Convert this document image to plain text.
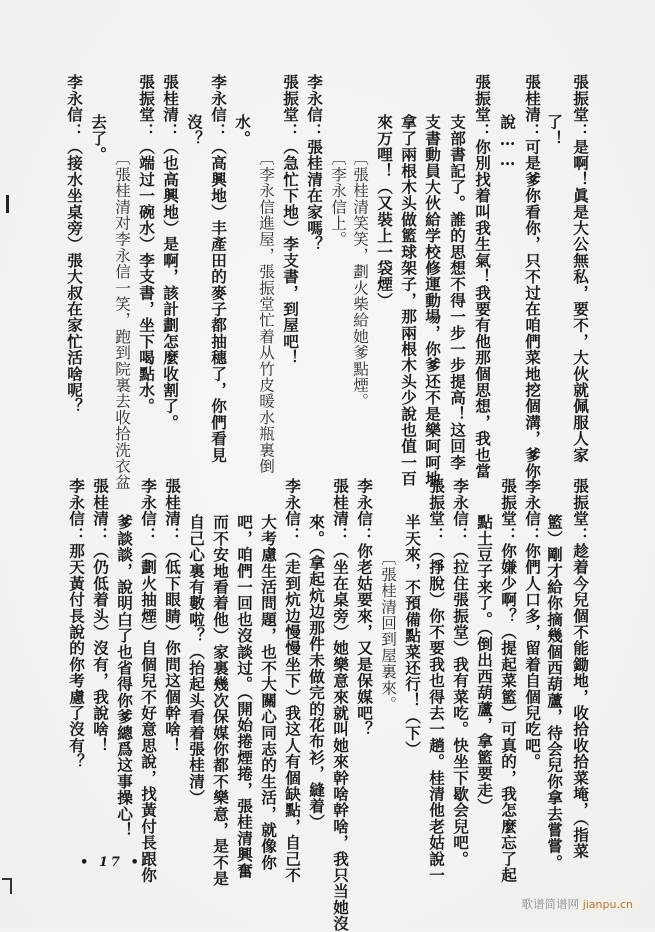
張振堂：是啊！眞是大公無私，要不，大伙就佩服人家
了！
張桂清：可是爹你看你，只不过在咱們菜地挖個溝，爹你
說……
張振堂：你別找着叫我生氣！我要有他那個思想，我也當
支部書記了。誰的思想不得一步一步提高！这回李
支書動員大伙給学校修運動場，你爹还不是樂呵呵地
拿了兩根木头做籃球架子，那兩根木头少說也值一百
來万哩！（又裝上一袋煙）
〔張桂清笑笑，劃火柴給她爹點煙。
〔李永信上。
李永信：張桂清在家嗎？
張振堂：（急忙下地）李支書，到屋吧！
〔李永信進屋，張振堂忙着从竹皮暖水瓶裏倒
水。
李永信：（高興地）丰產田的麥子都抽穗了，你們看見
沒？
張桂清：（也高興地）是啊，該計劃怎麼收割了。
張振堂：（端过一碗水）李支書，坐下喝點水。
〔張桂清对李永信一笑，跑到院裏去收拾洗衣盆
去了。
李永信：（接水坐桌旁）張大叔在家忙活啥呢？
張振堂：趁着今兒個不能鋤地，收拾收拾菜埯，（指菜
籃）剛才給你摘幾個西葫蘆，待会兒你拿去嘗嘗。
李永信：你們人口多，留着自個兒吃吧。
張振堂：你嫌少啊？（提起菜籃）可真的，我怎麼忘了起
點土豆子来了。（倒出西葫蘆，拿籃要走）
李永信：（拉住張振堂）我有菜吃。快坐下歇会兒吧。
張振堂：（掙脫）你不要我也得去一趟。桂清他老姑說一
半天來，不預備點菜还行！（下）
〔張桂清回到屋裏來。
李永信：你老姑要來，又是保媒吧？
張桂清：（坐在桌旁）她樂意來就叫她來幹啥幹啥，我只当她沒
來。（拿起炕边那件未做完的花布衫，縫着）
李永信：（走到炕边慢慢坐下）我这人有個缺點，自己不
大考慮生活問題，也不大關心同志的生活，就像你
吧，咱們一回也沒談过。（開始捲煙捲，張桂清興奮
而不安地看着他）家裏幾次保媒你都不樂意，是不是
自己心裏有數啦？（抬起头看着張桂清）
張桂清：（低下眼睛）你問这個幹啥！
李永信：（劃火抽煙）自個兒不好意思說，找黃付長跟你
爹談談，說明白了也省得你爹總爲这事操心！
張桂清：（仍低着头）沒有，我說啥！
李永信：那天黃付長說的你考慮了沒有？
• 17 •
歌谱简谱网 jianpu.cn
